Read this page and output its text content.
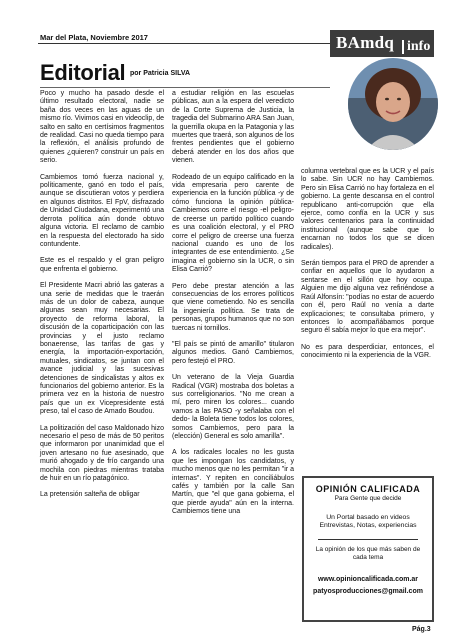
Mar del Plata, Noviembre 2017	BAmdq info
Editorial por Patricia SILVA

Poco y mucho ha pasado desde el último resultado electoral, nadie se baña dos veces en las aguas de un mismo río. Vivimos casi en videoclip, de salto en salto en certísimos fragmentos de realidad. Casi no queda tiempo para la reflexión, el análisis profundo de quienes ¿quieren? construir un país en serio.

Cambiemos tomó fuerza nacional y, políticamente, ganó en todo el país, aunque se discutieran votos y perdiera en algunos distritos. El FpV, disfrazado de Unidad Ciudadana, experimentó una derrota política aún donde obtuvo alguna victoria. El reclamo de cambio en la respuesta del electorado ha sido contundente.

Este es el respaldo y el gran peligro que enfrenta el gobierno.

El Presidente Macri abrió las gateras a una serie de medidas que le traerán más de un dolor de cabeza, aunque algunas sean muy necesarias. El proyecto de reforma laboral, la discusión de la coparticipación con las provincias y el justo reclamo bonaerense, las tarifas de gas y energía, la importación-exportación, mutuales, sindicatos, se juntan con el avance judicial y las sucesivas detenciones de sindicalistas y altos ex funcionarios del gobierno anterior. Es la primera vez en la historia de nuestro país que un ex Vicepresidente está preso, tal el caso de Amado Boudou.

La politización del caso Maldonado hizo necesario el peso de más de 50 peritos que informaron por unanimidad que el joven artesano no fue asesinado, que murió ahogado y de frío cargando una mochila con piedras mientras trataba de huir en un río patagónico.

La pretensión salteña de obligar

a estudiar religión en las escuelas públicas, aun a la espera del veredicto de la Corte Suprema de Justicia, la tragedia del Submarino ARA San Juan, la guerrilla okupa en la Patagonia y las muertes que traerá, son algunos de los frentes pendientes que el gobierno deberá atender en los dos años que vienen.

Rodeado de un equipo calificado en la vida empresaria pero carente de experiencia en la función pública -y de cómo funciona la opinión pública- Cambiemos corre el riesgo -el peligro- de creerse un partido político cuando es una coalición electoral, y el PRO corre el peligro de creerse una fuerza nacional cuando es uno de los integrantes de ese entendimiento. ¿Se imagina el gobierno sin la UCR, o sin Elisa Carrió?

Pero debe prestar atención a las consecuencias de los errores políticos que viene cometiendo. No es sencilla la ingeniería política. Se trata de personas, grupos humanos que no son tuercas ni tornillos.

"El país se pintó de amarillo" titularon algunos medios. Ganó Cambiemos, pero festejó el PRO.

Un veterano de la Vieja Guardia Radical (VGR) mostraba dos boletas a sus correligionarios. "No me crean a mí, pero miren los colores... cuando vamos a las PASO -y señalaba con el dedo- la Boleta tiene todos los colores, somos Cambiemos, pero para la (elección) General es solo amarilla".

A los radicales locales no les gusta que les impongan los candidatos, y mucho menos que no les permitan "ir a internas". Y repiten en conciliábulos cafés y también por la calle San Martín, que "el que gana gobierna, el que pierde ayuda" aún en la interna. Cambiemos tiene una

columna vertebral que es la UCR y el país lo sabe. Sin UCR no hay Cambiemos. Pero sin Elisa Carrió no hay fortaleza en el gobierno. La gente descansa en el control republicano anti-corrupción que ella ejerce, como confía en la UCR y sus valores centenarios para la continuidad institucional (aunque sabe que lo encarnan no todos los que se dicen radicales).

Serán tiempos para el PRO de aprender a confiar en aquellos que lo ayudaron a sentarse en el sillón que hoy ocupa. Alguien me dijo alguna vez refiriéndose a Raúl Alfonsín: "podías no estar de acuerdo con él, pero Raúl no venía a darte explicaciones; te consultaba primero, y entonces lo acompañábamos porque seguro él sabía mejor lo que era mejor".

No es para desperdiciar, entonces, el conocimiento ni la experiencia de la VGR.

OPINIÓN CALIFICADA
Para Gente que decide
Un Portal basado en videos Entrevistas, Notas, experiencias
La opinión de los que más saben de cada tema
www.opinioncalificada.com.ar
patyosproducciones@gmail.com
Pág.3
